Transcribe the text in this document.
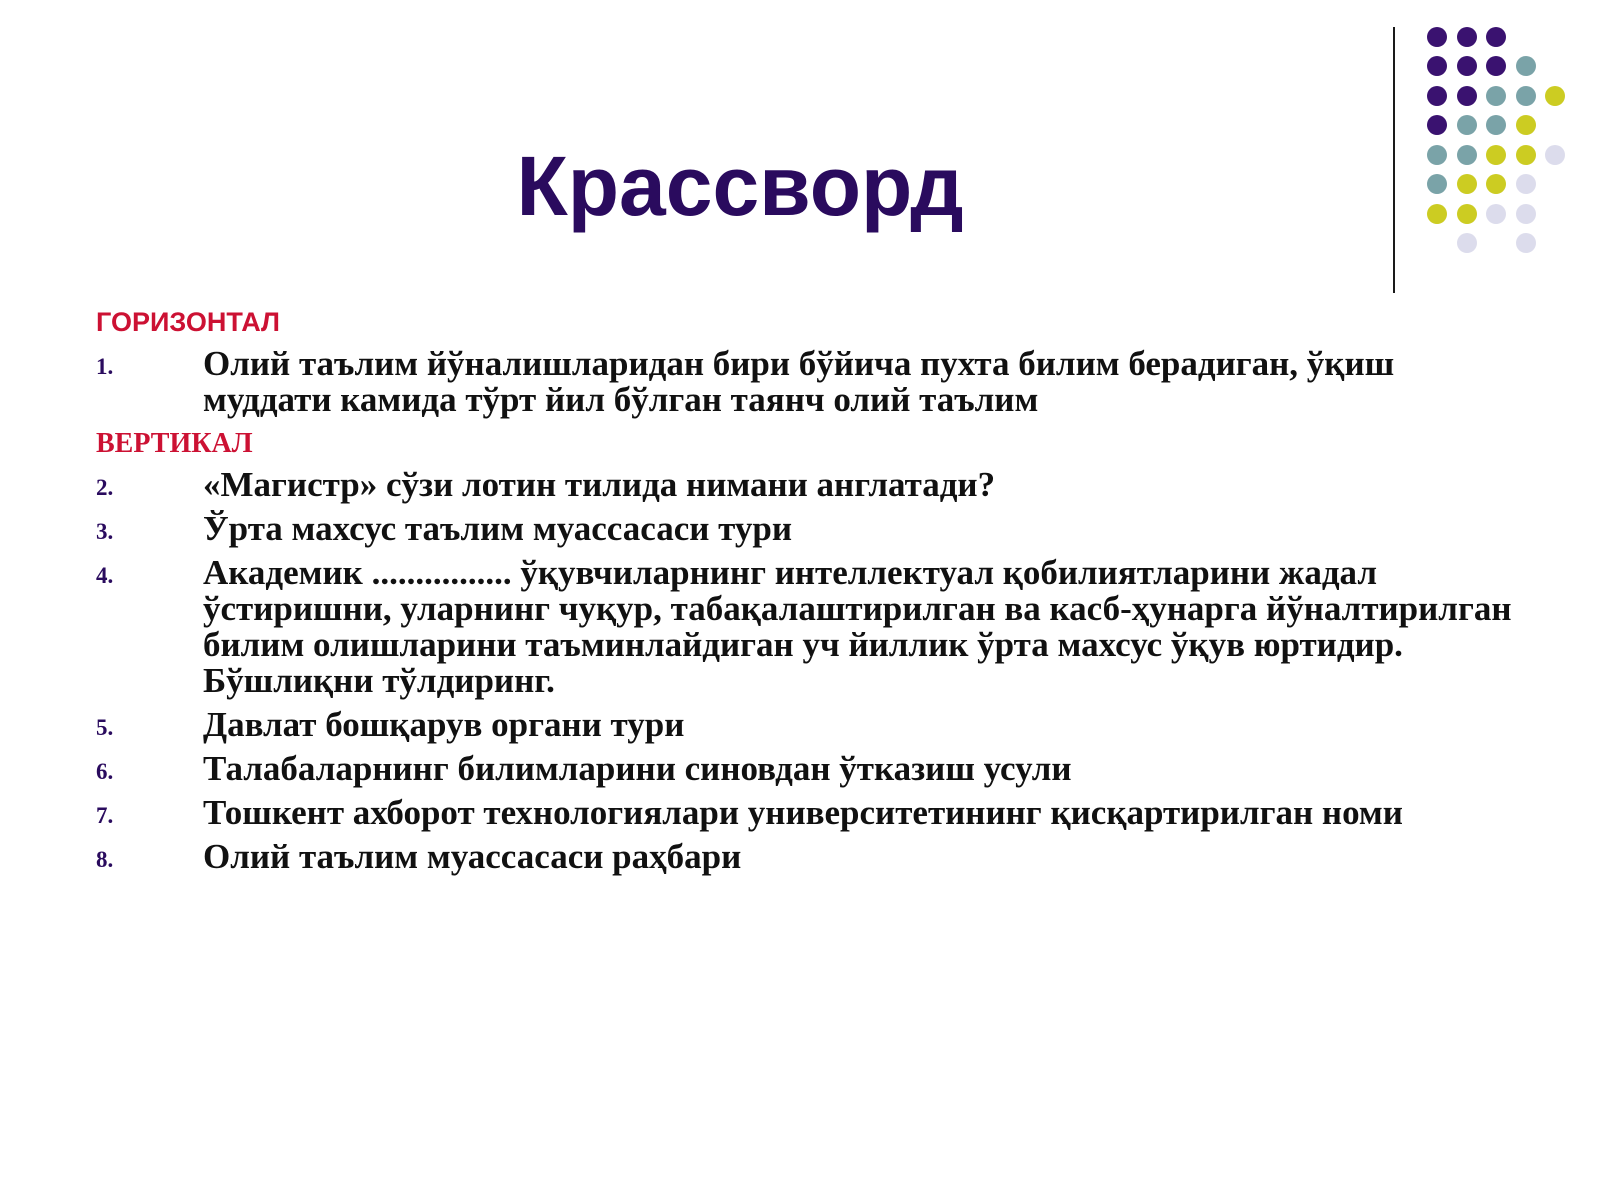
Крассворд
ГОРИЗОНТАЛ
1.	Олий таълим йўналишларидан бири бўйича пухта билим берадиган, ўқиш муддати камида тўрт йил бўлган таянч олий таълим
ВЕРТИКАЛ
2.	«Магистр» сўзи лотин тилида нимани англатади?
3.	Ўрта махсус таълим муассасаси тури
4.	Академик ................ ўқувчиларнинг интеллектуал қобилиятларини жадал ўстиришни, уларнинг чуқур, табақалаштирилган ва касб-ҳунарга йўналтирилган билим олишларини таъминлайдиган уч йиллик ўрта махсус ўқув юртидир. Бўшлиқни тўлдиринг.
5.	Давлат бошқарув органи тури
6.	Талабаларнинг билимларини синовдан ўтказиш усули
7.	Тошкент ахборот технологиялари университетининг қисқартирилган номи
8.	Олий таълим муассасаси раҳбари
